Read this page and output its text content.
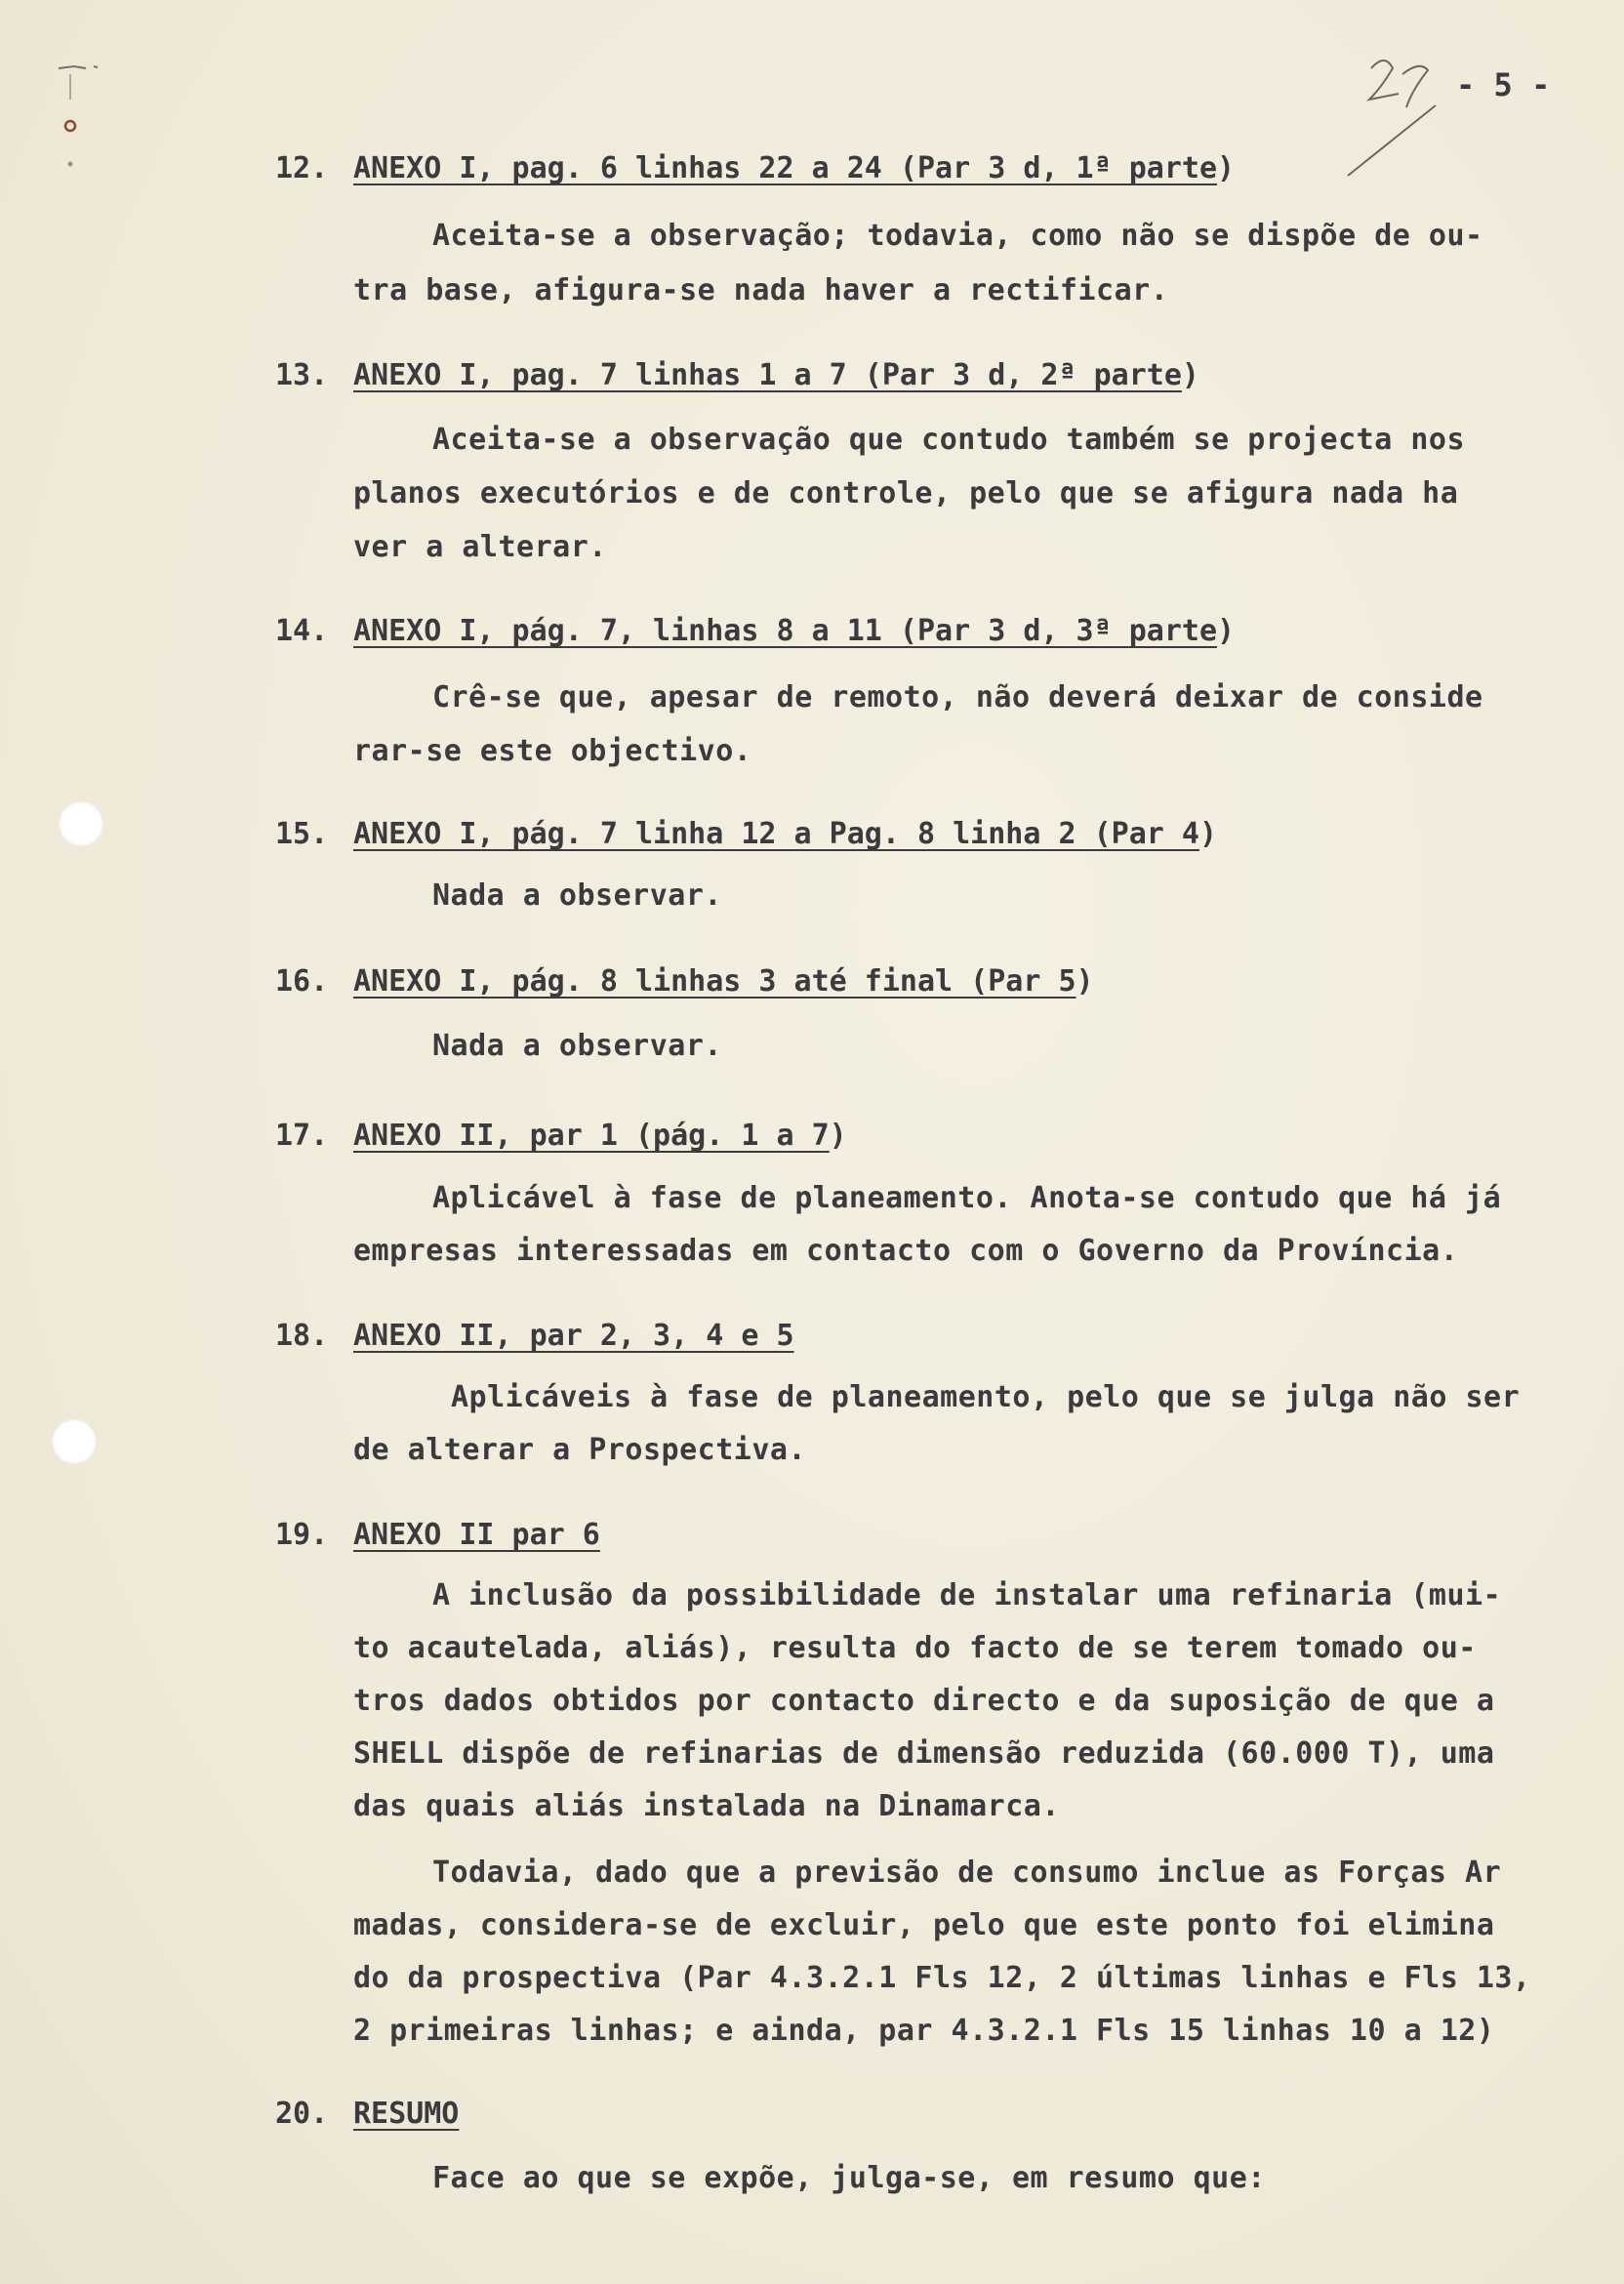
- 5 -
12. ANEXO I, pag. 6 linhas 22 a 24 (Par 3 d, 1ª parte)
Aceita-se a observação; todavia, como não se dispõe de ou-
tra base, afigura-se nada haver a rectificar.
13. ANEXO I, pag. 7 linhas 1 a 7 (Par 3 d, 2ª parte)
Aceita-se a observação que contudo também se projecta nos
planos executórios e de controle, pelo que se afigura nada ha
ver a alterar.
14. ANEXO I, pág. 7, linhas 8 a 11 (Par 3 d, 3ª parte)
Crê-se que, apesar de remoto, não deverá deixar de conside
rar-se este objectivo.
15. ANEXO I, pág. 7 linha 12 a Pag. 8 linha 2 (Par 4)
Nada a observar.
16. ANEXO I, pág. 8 linhas 3 até final (Par 5)
Nada a observar.
17. ANEXO II, par 1 (pág. 1 a 7)
Aplicável à fase de planeamento. Anota-se contudo que há já
empresas interessadas em contacto com o Governo da Província.
18. ANEXO II, par 2, 3, 4 e 5
Aplicáveis à fase de planeamento, pelo que se julga não ser
de alterar a Prospectiva.
19. ANEXO II par 6
A inclusão da possibilidade de instalar uma refinaria (mui-
to acautelada, aliás), resulta do facto de se terem tomado ou-
tros dados obtidos por contacto directo e da suposição de que a
SHELL dispõe de refinarias de dimensão reduzida (60.000 T), uma
das quais aliás instalada na Dinamarca.
Todavia, dado que a previsão de consumo inclue as Forças Ar
madas, considera-se de excluir, pelo que este ponto foi elimina
do da prospectiva (Par 4.3.2.1 Fls 12, 2 últimas linhas e Fls 13,
2 primeiras linhas; e ainda, par 4.3.2.1 Fls 15 linhas 10 a 12)
20. RESUMO
Face ao que se expõe, julga-se, em resumo que:
